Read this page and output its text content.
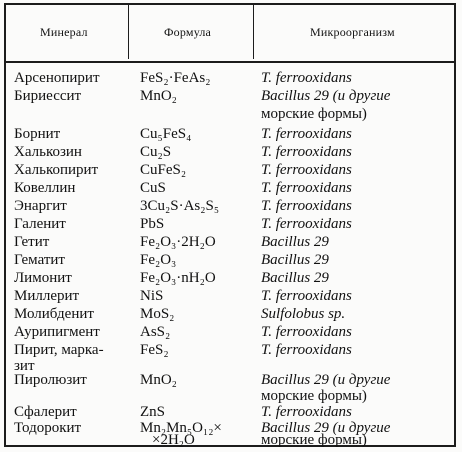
Минерал	Формула	Микроорганизм
Арсенопирит	FeS₂·FeAs₂	T. ferrooxidans
Бириессит	MnO₂	Bacillus 29 (и другие
морские формы)
Борнит	Cu₅FeS₄	T. ferrooxidans
Халькозин	Cu₂S	T. ferrooxidans
Халькопирит	CuFeS₂	T. ferrooxidans
Ковеллин	CuS	T. ferrooxidans
Энаргит	3Cu₂S·As₂S₅	T. ferrooxidans
Галенит	PbS	T. ferrooxidans
Гетит	Fe₂O₃·2H₂O	Bacillus 29
Гематит	Fe₂O₃	Bacillus 29
Лимонит	Fe₂O₃·nH₂O	Bacillus 29
Миллерит	NiS	T. ferrooxidans
Молибденит	MoS₂	Sulfolobus sp.
Аурипигмент	AsS₂	T. ferrooxidans
Пирит, марка-	FeS₂	T. ferrooxidans
зит
Пиролюзит	MnO₂	Bacillus 29 (и другие
морские формы)
Сфалерит	ZnS	T. ferrooxidans
Тодорокит	Mn₂Mn₅O₁₂×	Bacillus 29 (и другие
×2H₂O	морские формы)
